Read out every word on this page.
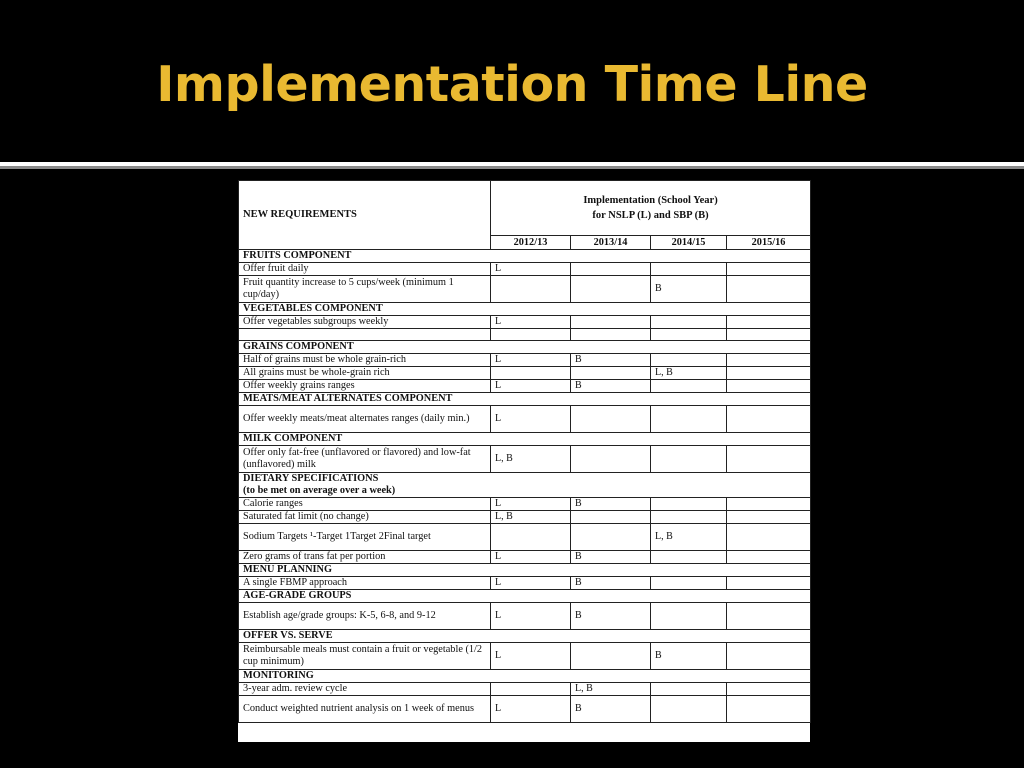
Implementation Time Line
NEW REQUIREMENTS	Implementation (School Year)
for NSLP (L) and SBP (B)			

	2012/13	2013/14	2014/15	2015/16

FRUITS COMPONENT				

Offer fruit daily	L			
Fruit quantity increase to 5 cups/week (minimum 1 cup/day)			B	

VEGETABLES COMPONENT				

Offer vegetables subgroups weekly	L			

GRAINS COMPONENT				

Half of grains must be whole grain-rich	L	B		
All grains must be whole-grain rich			L, B	
Offer weekly grains ranges	L	B		

MEATS/MEAT ALTERNATES COMPONENT				

Offer weekly meats/meat alternates ranges (daily min.)	L			

MILK COMPONENT				

Offer only fat-free (unflavored or flavored) and low-fat (unflavored) milk	L, B			

DIETARY SPECIFICATIONS
(to be met on average over a week)				

Calorie ranges	L	B		
Saturated fat limit (no change)	L, B			
Sodium Targets ¹-Target 1Target 2Final target			L, B	
Zero grams of trans fat per portion	L	B		

MENU PLANNING				

A single FBMP approach	L	B		

AGE-GRADE GROUPS				

Establish age/grade groups: K-5, 6-8, and 9-12	L	B		

OFFER VS. SERVE				

Reimbursable meals must contain a fruit or vegetable (1/2 cup minimum)	L		B	

MONITORING				

3-year adm. review cycle		L, B		
Conduct weighted nutrient analysis on 1 week of menus	L	B		
